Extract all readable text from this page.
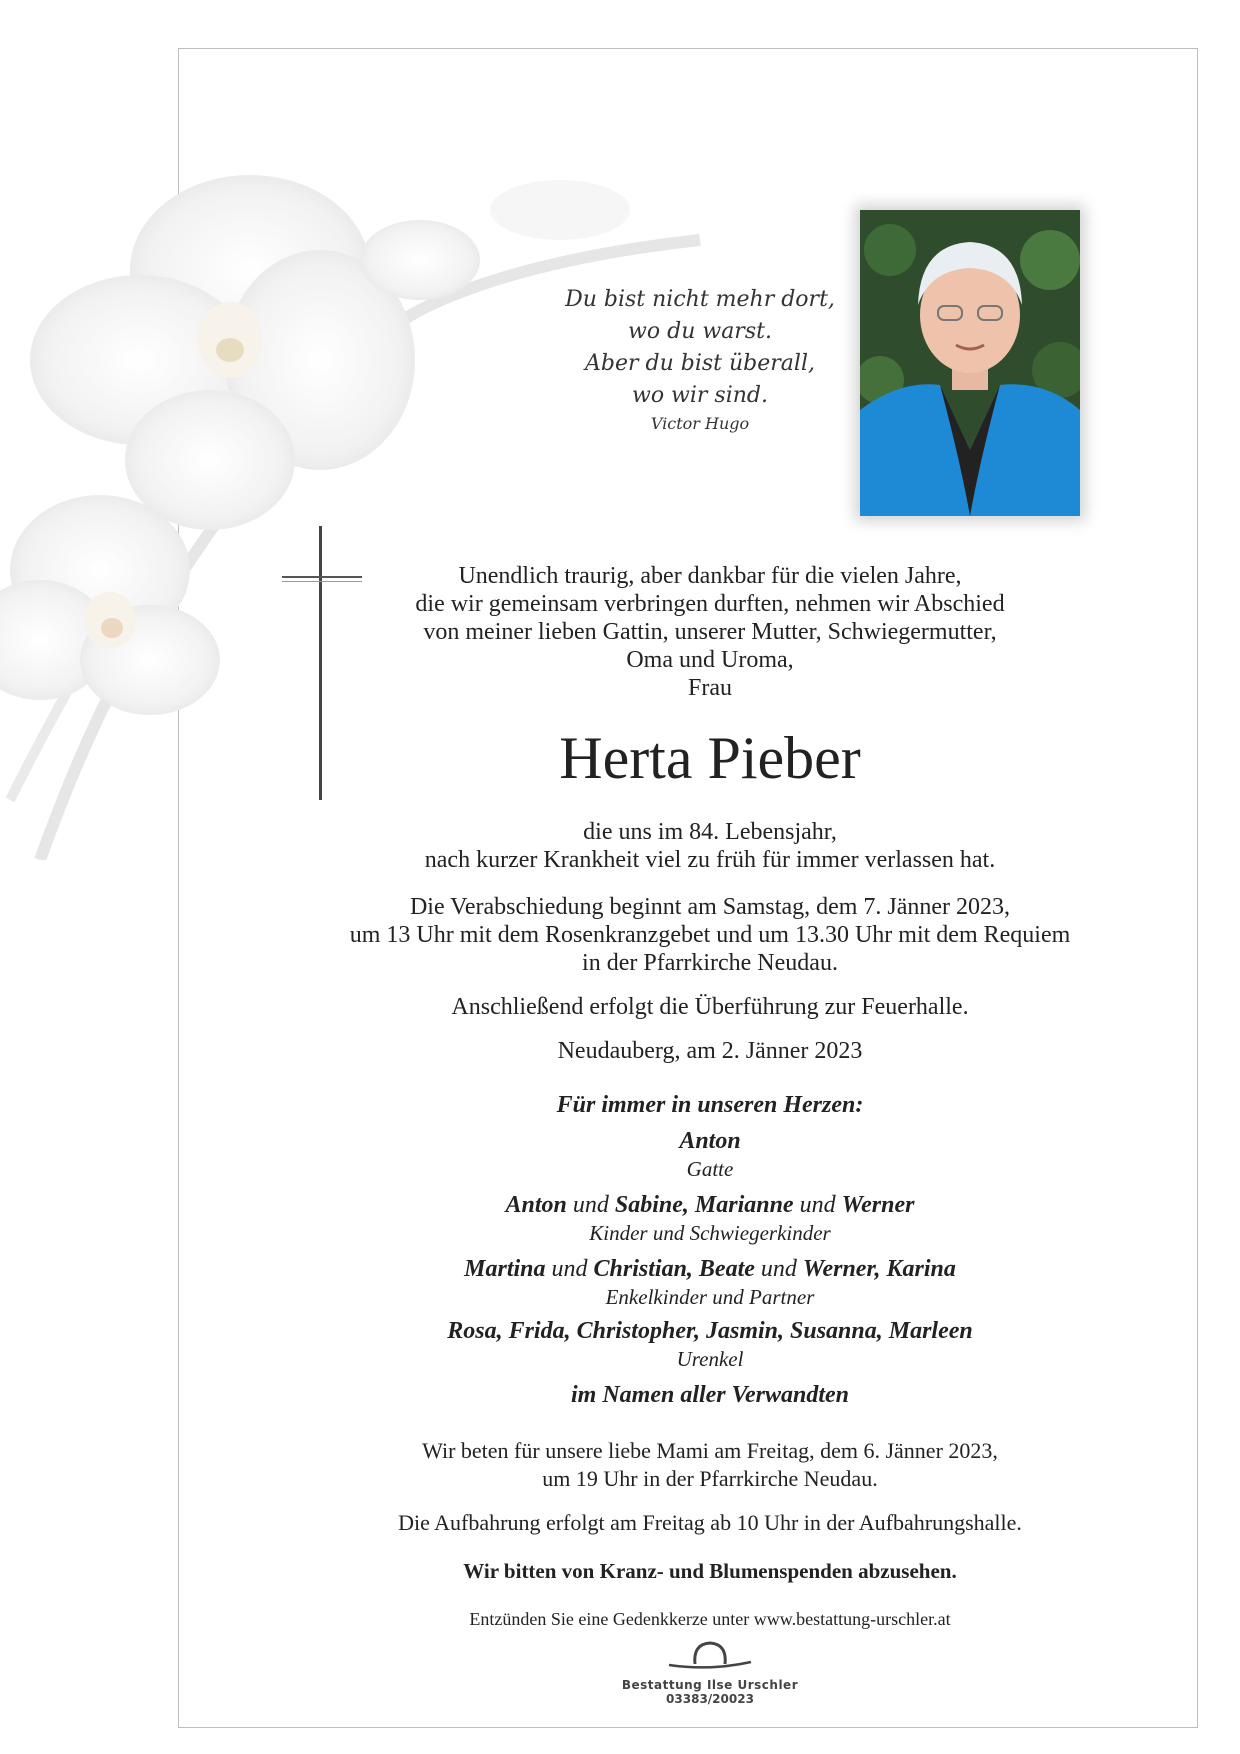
Du bist nicht mehr dort,
wo du warst.
Aber du bist überall,
wo wir sind.
Victor Hugo
Unendlich traurig, aber dankbar für die vielen Jahre,
die wir gemeinsam verbringen durften, nehmen wir Abschied
von meiner lieben Gattin, unserer Mutter, Schwiegermutter,
Oma und Uroma,
Frau
Herta Pieber
die uns im 84. Lebensjahr,
nach kurzer Krankheit viel zu früh für immer verlassen hat.
Die Verabschiedung beginnt am Samstag, dem 7. Jänner 2023,
um 13 Uhr mit dem Rosenkranzgebet und um 13.30 Uhr mit dem Requiem
in der Pfarrkirche Neudau.
Anschließend erfolgt die Überführung zur Feuerhalle.
Neudauberg, am 2. Jänner 2023
Für immer in unseren Herzen:
Anton
Gatte
Anton und Sabine, Marianne und Werner
Kinder und Schwiegerkinder
Martina und Christian, Beate und Werner, Karina
Enkelkinder und Partner
Rosa, Frida, Christopher, Jasmin, Susanna, Marleen
Urenkel
im Namen aller Verwandten
Wir beten für unsere liebe Mami am Freitag, dem 6. Jänner 2023,
um 19 Uhr in der Pfarrkirche Neudau.
Die Aufbahrung erfolgt am Freitag ab 10 Uhr in der Aufbahrungshalle.
Wir bitten von Kranz- und Blumenspenden abzusehen.
Entzünden Sie eine Gedenkkerze unter www.bestattung-urschler.at
Bestattung Ilse Urschler
03383/20023
